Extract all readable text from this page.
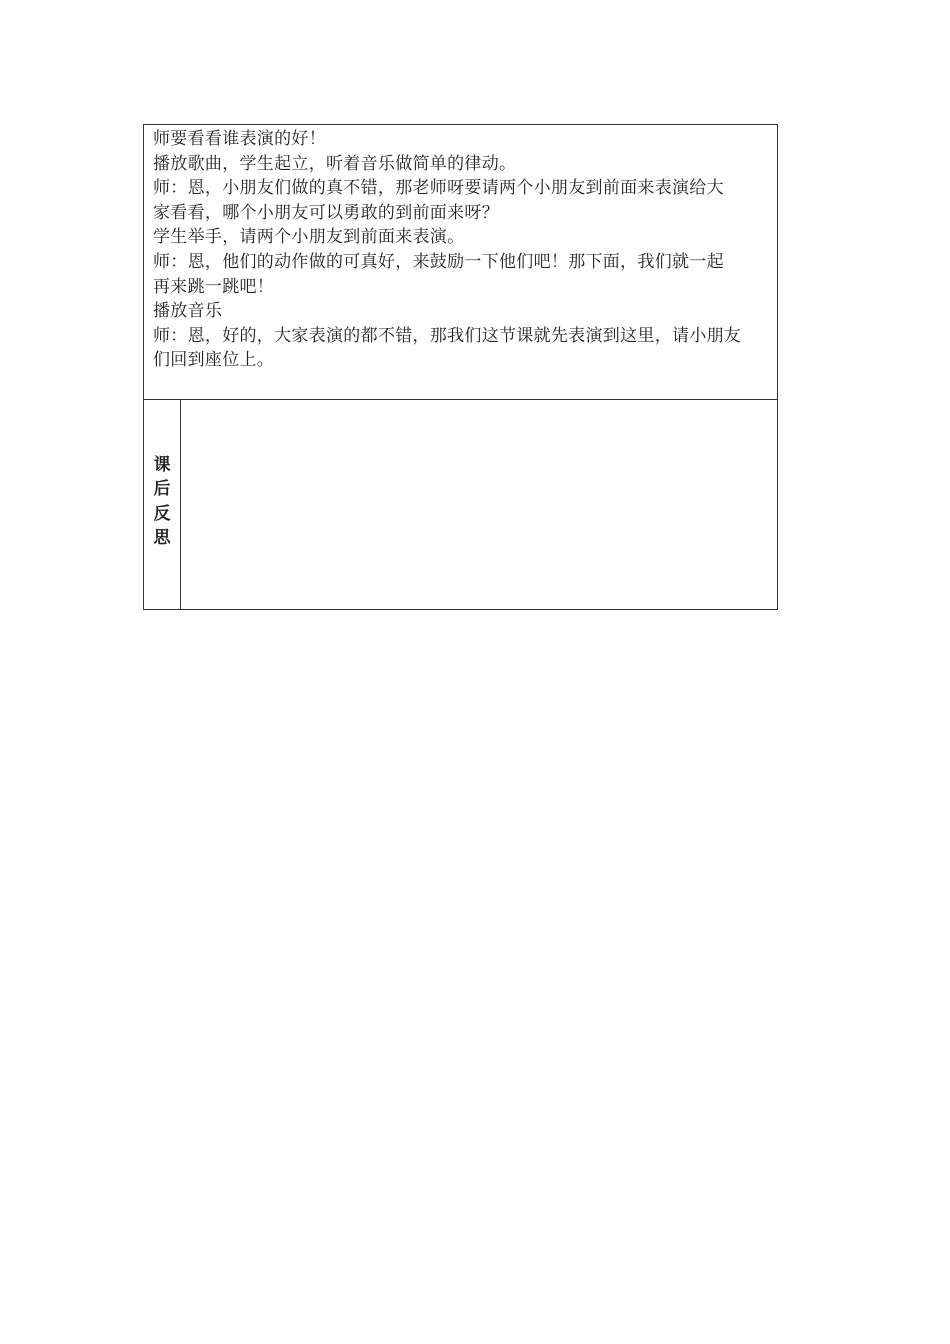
师要看看谁表演的好！
播放歌曲，学生起立，听着音乐做简单的律动。
师：恩，小朋友们做的真不错，那老师呀要请两个小朋友到前面来表演给大
家看看，哪个小朋友可以勇敢的到前面来呀？
学生举手，请两个小朋友到前面来表演。
师：恩，他们的动作做的可真好，来鼓励一下他们吧！那下面，我们就一起
再来跳一跳吧！
播放音乐
师：恩，好的，大家表演的都不错，那我们这节课就先表演到这里，请小朋友
们回到座位上。
课后反思
